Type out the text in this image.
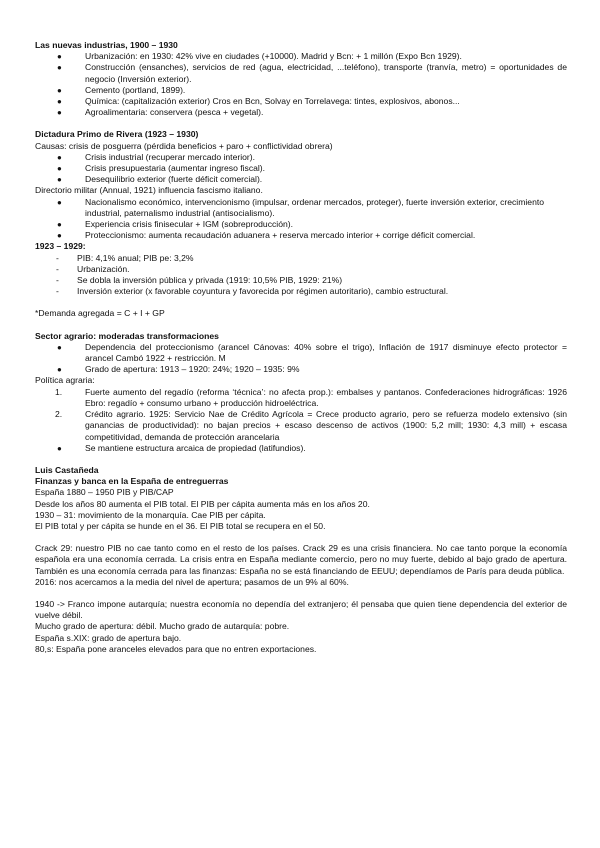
Las nuevas industrias, 1900 – 1930
●	Urbanización: en 1930: 42% vive en ciudades (+10000). Madrid y Bcn: + 1 millón (Expo Bcn 1929).
●	Construcción (ensanches), servicios de red (agua, electricidad, ...teléfono), transporte (tranvía, metro) = oportunidades de negocio (Inversión exterior).
●	Cemento (portland, 1899).
●	Química: (capitalización exterior) Cros en Bcn, Solvay en Torrelavega: tintes, explosivos, abonos...
●	Agroalimentaria: conservera (pesca + vegetal).
Dictadura Primo de Rivera (1923 – 1930)
Causas: crisis de posguerra (pérdida beneficios + paro + conflictividad obrera)
●	Crisis industrial (recuperar mercado interior).
●	Crisis presupuestaria (aumentar ingreso fiscal).
●	Desequilibrio exterior (fuerte déficit comercial).
Directorio militar (Annual, 1921) influencia fascismo italiano.
●	Nacionalismo económico, intervencionismo (impulsar, ordenar mercados, proteger), fuerte inversión exterior, crecimiento industrial, paternalismo industrial (antisocialismo).
●	Experiencia crisis finisecular + IGM (sobreproducción).
●	Proteccionismo: aumenta recaudación aduanera + reserva mercado interior + corrige déficit comercial.
1923 – 1929:
- PIB: 4,1% anual; PIB pe: 3,2%
- Urbanización.
- Se dobla la inversión pública y privada (1919: 10,5% PIB, 1929: 21%)
- Inversión exterior (x favorable coyuntura y favorecida por régimen autoritario), cambio estructural.
*Demanda agregada = C + I + GP
Sector agrario: moderadas transformaciones
●	Dependencia del proteccionismo (arancel Cánovas: 40% sobre el trigo), Inflación de 1917 disminuye efecto protector = arancel Cambó 1922 + restricción. M
●	Grado de apertura: 1913 – 1920: 24%; 1920 – 1935: 9%
Política agraria:
1.	Fuerte aumento del regadío (reforma ‘técnica’: no afecta prop.): embalses y pantanos. Confederaciones hidrográficas: 1926 Ebro: regadío + consumo urbano + producción hidroeléctrica.
2.	Crédito agrario. 1925: Servicio Nae de Crédito Agrícola = Crece producto agrario, pero se refuerza modelo extensivo (sin ganancias de productividad): no bajan precios + escaso descenso de activos (1900: 5,2 mill; 1930: 4,3 mill) + escasa competitividad, demanda de protección arancelaria
●	Se mantiene estructura arcaica de propiedad (latifundios).
Luis Castañeda
Finanzas y banca en la España de entreguerras
España 1880 – 1950 PIB y PIB/CAP
Desde los años 80 aumenta el PIB total. El PIB per cápita aumenta más en los años 20.
1930 – 31: movimiento de la monarquía. Cae PIB per cápita.
El PIB total y per cápita se hunde en el 36. El PIB total se recupera en el 50.
Crack 29: nuestro PIB no cae tanto como en el resto de los países. Crack 29 es una crisis financiera. No cae tanto porque la economía española era una economía cerrada. La crisis entra en España mediante comercio, pero no muy fuerte, debido al bajo grado de apertura. También es una economía cerrada para las finanzas: España no se está financiando de EEUU; dependíamos de París para deuda pública.
2016: nos acercamos a la media del nivel de apertura; pasamos de un 9% al 60%.
1940 -> Franco impone autarquía; nuestra economía no dependía del extranjero; él pensaba que quien tiene dependencia del exterior de vuelve débil.
Mucho grado de apertura: débil. Mucho grado de autarquía: pobre.
España s.XIX: grado de apertura bajo.
80,s: España pone aranceles elevados para que no entren exportaciones.
